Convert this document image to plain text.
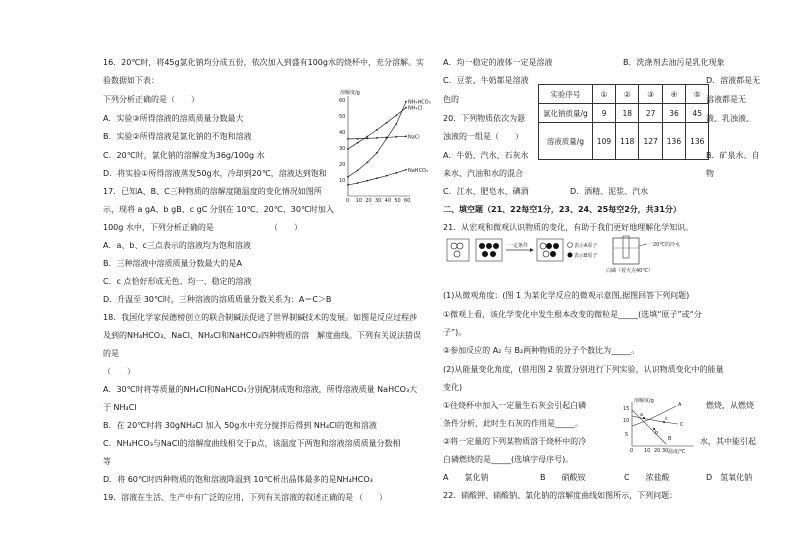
16．20℃时，将45g氯化钠均分成五份，依次加入到盛有100g水的烧杯中，充分溶解。实
验数据如下表：
下列分析正确的是（　　）
A．实验③所得溶液的溶质质量分数最大
B．实验②所得溶液是氯化钠的不饱和溶液
C．20℃时，氯化钠的溶解度为36g/100g 水
D．将实验①所得溶液蒸发50g水，冷却到20℃，溶液达到饱和
17．已知A、B、C三种物质的溶解度随温度的变化情况如图所
示，现将 a gA、b gB、c gC 分别在 10℃、20℃、30℃时加入
100g 水中，下列分析正确的是	（　　）
A．a、b、c三点表示的溶液均为饱和溶液
B．三种溶液中溶质质量分数最大的是A
C．c 点恰好形成无色、均一、稳定的溶液
D．升温至 30℃时，三种溶液的溶质质量分数关系为：A＝C＞B
18．我国化学家侯德榜创立的联合制碱法促进了世界制碱技术的发展。如图是反应过程涉
及到的NH₄HCO₃、NaCl、NH₄Cl和NaHCO₃四种物质的溶　解度曲线。下列有关说法错误
的是
（　　）
A．30℃时将等质量的NH₄Cl和NaHCO₃分别配制成饱和溶液，所得溶液质量 NaHCO₃大
于 NH₄Cl
B．在 20℃时将 30gNH₄Cl 加入 50g水中充分搅拌后得到 NH₄Cl的饱和溶液
C．NH₄HCO₃与NaCl的溶解度曲线相交于p点，该温度下两饱和溶液溶质质量分数相
等
D．将 60℃时四种物质的饱和溶液降温到 10℃析出晶体最多的是NH₄HCO₃
19．溶液在生活、生产中有广泛的应用，下列有关溶液的叙述正确的是 （　　）
溶解度/g
0 10 20 30 40 50 60
10
20
30
40
50
60	NH₄HCO₃
NaCl
NH₄Cl
NaHCO₃
A．均一稳定的液体一定是溶液	B．洗涤剂去油污是乳化现象
C．豆浆、牛奶都是溶液	D．溶液都是无
色的	溶液都是无
实验序号	①	②	③	④	⑤
氯化钠质量/g	9	18	27	36	45
溶液质量/g	109	118	127	136	136
20．下列物质依次为悬
浊液的一组是（　　）
液、乳浊液、
A．牛奶、汽水、石灰水	B．矿泉水、自
来水、汽油和水的混合	物
C．江水、肥皂水、碘酒	D．酒精、泥浆、汽水
二、填空题（21、22每空1分，23、24、25每空2分，共31分）
21．从宏观和微观认识物质的变化，有助于我们更好地理解化学知识。
一定条件	表示A原子
表示B原子
一20℃的冷水
白磷（着火点40℃）
(1)从微观角度：(图 1 为某化学反应的微观示意图,据图回答下列问题)
①微观上看，该化学变化中发生根本改变的微粒是_____(选填“原子”或“分
子”)。
②参加反应的 A₂ 与 B₂两种物质的分子个数比为_____。
(2)从能量变化角度，(借用图 2 装置分别进行下列实验，认识物质变化中的能量
变化)
①往烧杯中加入一定量生石灰会引起白磷	燃烧，从燃烧
条件分析，此时生石灰的作用是_____。
②将一定量的下列某物质溶于烧杯中的冷	水，其中能引起
白磷燃烧的是_____(选填字母序号)。
A　　氯化钠	B　　硝酸铵	C　　浓盐酸	D　氢氧化钠
22．硝酸钾、硝酸钠、氯化钠的溶解度曲线如图所示，下列问题：
溶解度/g
温度/℃
15
10
5
0 10 20 30
A
C
B
a
b
c
